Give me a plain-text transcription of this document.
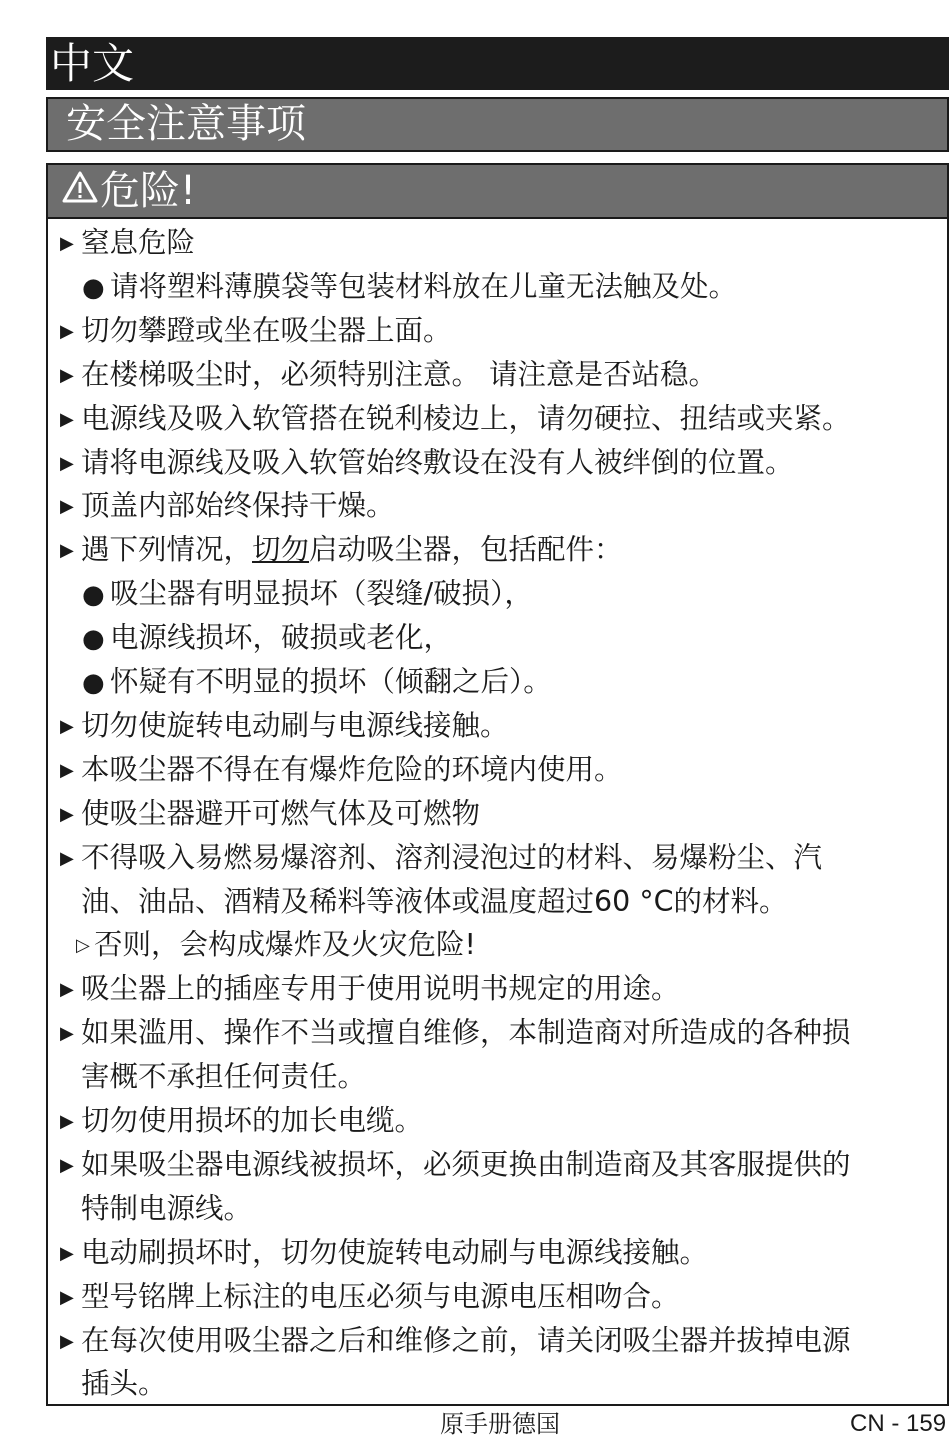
中文
安全注意事项
危险!
▶ 窒息危险
● 请将塑料薄膜袋等包装材料放在儿童无法触及处。
▶ 切勿攀蹬或坐在吸尘器上面。
▶ 在楼梯吸尘时，必须特别注意。 请注意是否站稳。
▶ 电源线及吸入软管搭在锐利棱边上，请勿硬拉、扭结或夹紧。
▶ 请将电源线及吸入软管始终敷设在没有人被绊倒的位置。
▶ 顶盖内部始终保持干燥。
▶ 遇下列情况，切勿启动吸尘器，包括配件：
● 吸尘器有明显损坏（裂缝/破损），
● 电源线损坏，破损或老化，
● 怀疑有不明显的损坏（倾翻之后）。
▶ 切勿使旋转电动刷与电源线接触。
▶ 本吸尘器不得在有爆炸危险的环境内使用。
▶ 使吸尘器避开可燃气体及可燃物
▶ 不得吸入易燃易爆溶剂、溶剂浸泡过的材料、易爆粉尘、汽
油、油品、酒精及稀料等液体或温度超过60 °C的材料。
▷ 否则，会构成爆炸及火灾危险!
▶ 吸尘器上的插座专用于使用说明书规定的用途。
▶ 如果滥用、操作不当或擅自维修，本制造商对所造成的各种损
害概不承担任何责任。
▶ 切勿使用损坏的加长电缆。
▶ 如果吸尘器电源线被损坏，必须更换由制造商及其客服提供的
特制电源线。
▶ 电动刷损坏时，切勿使旋转电动刷与电源线接触。
▶ 型号铭牌上标注的电压必须与电源电压相吻合。
▶ 在每次使用吸尘器之后和维修之前，请关闭吸尘器并拔掉电源
插头。
原手册德国	CN - 159
